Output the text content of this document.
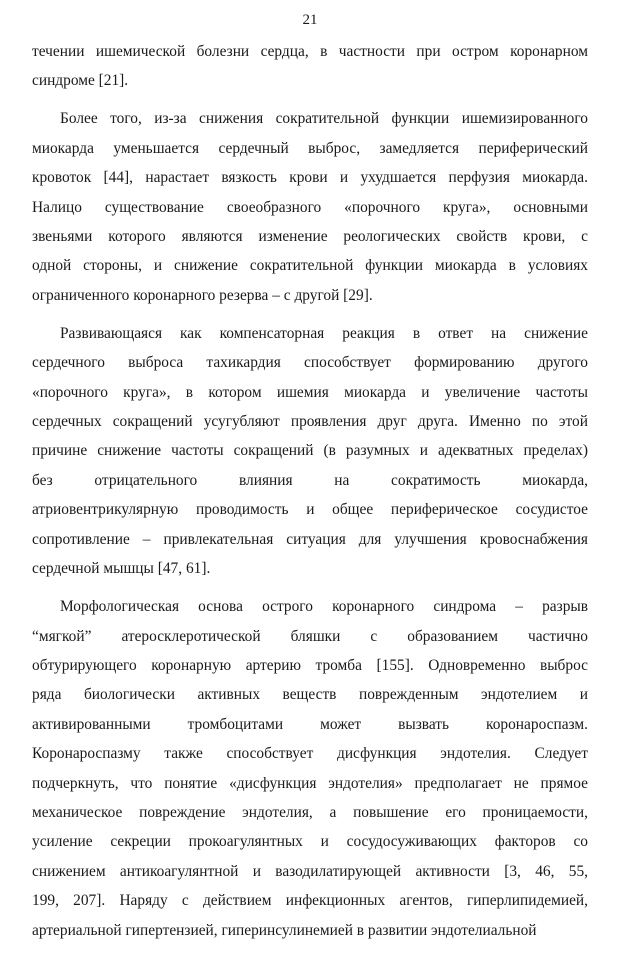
21

течении ишемической болезни сердца, в частности при остром коронарном
синдроме [21].

Более того, из-за снижения сократительной функции ишемизированного
миокарда уменьшается сердечный выброс, замедляется периферический
кровоток [44], нарастает вязкость крови и ухудшается перфузия миокарда.
Налицо существование своеобразного «порочного круга», основными
звеньями которого являются изменение реологических свойств крови, с
одной стороны, и снижение сократительной функции миокарда в условиях
ограниченного коронарного резерва – с другой [29].

Развивающаяся как компенсаторная реакция в ответ на снижение
сердечного выброса тахикардия способствует формированию другого
«порочного круга», в котором ишемия миокарда и увеличение частоты
сердечных сокращений усугубляют проявления друг друга. Именно по этой
причине снижение частоты сокращений (в разумных и адекватных пределах)
без отрицательного влияния на сократимость миокарда,
атриовентрикулярную проводимость и общее периферическое сосудистое
сопротивление – привлекательная ситуация для улучшения кровоснабжения
сердечной мышцы [47, 61].

Морфологическая основа острого коронарного синдрома – разрыв
“мягкой” атеросклеротической бляшки с образованием частично
обтурирующего коронарную артерию тромба [155]. Одновременно выброс
ряда биологически активных веществ поврежденным эндотелием и
активированными тромбоцитами может вызвать коронароспазм.
Коронароспазму также способствует дисфункция эндотелия. Следует
подчеркнуть, что понятие «дисфункция эндотелия» предполагает не прямое
механическое повреждение эндотелия, а повышение его проницаемости,
усиление секреции прокоагулянтных и сосудосуживающих факторов со
снижением антикоагулянтной и вазодилатирующей активности [3, 46, 55,
199, 207]. Наряду с действием инфекционных агентов, гиперлипидемией,
артериальной гипертензией, гиперинсулинемией в развитии эндотелиальной
